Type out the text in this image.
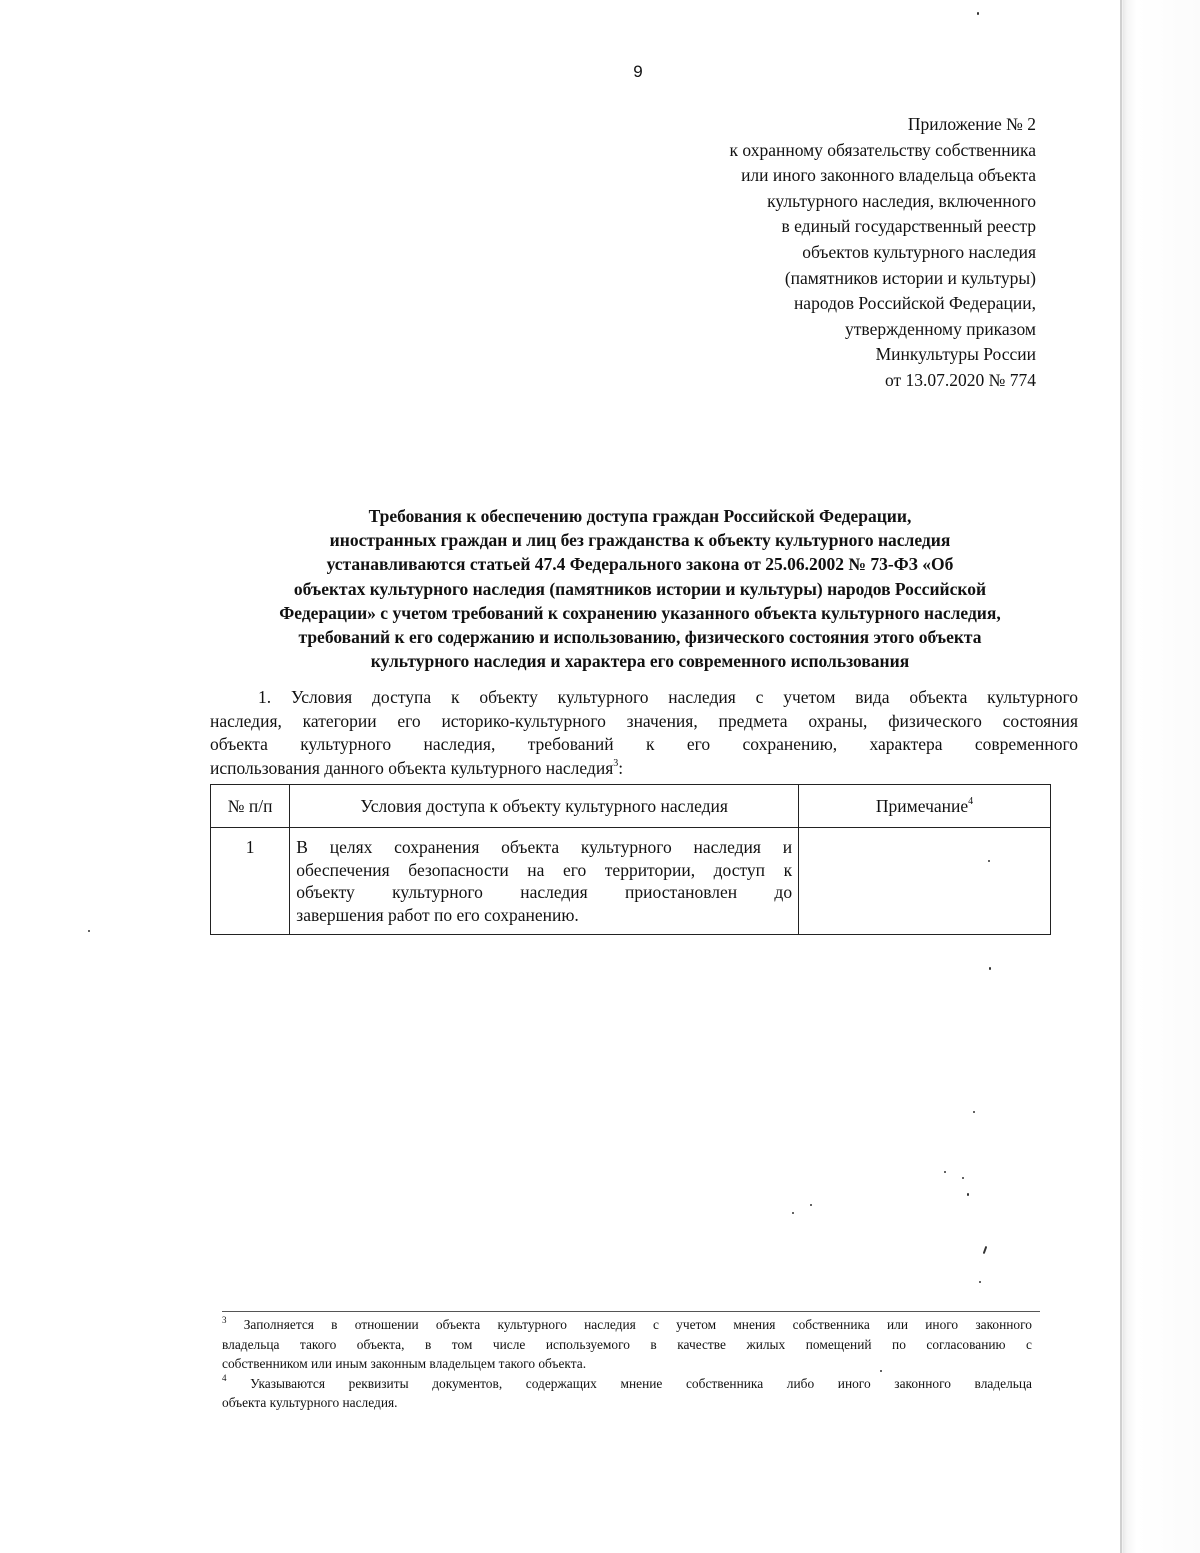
9
Приложение № 2
к охранному обязательству собственника
или иного законного владельца объекта
культурного наследия, включенного
в единый государственный реестр
объектов культурного наследия
(памятников истории и культуры)
народов Российской Федерации,
утвержденному приказом
Минкультуры России
от 13.07.2020 № 774
Требования к обеспечению доступа граждан Российской Федерации,
иностранных граждан и лиц без гражданства к объекту культурного наследия
устанавливаются статьей 47.4 Федерального закона от 25.06.2002 № 73-ФЗ «Об
объектах культурного наследия (памятников истории и культуры) народов Российской
Федерации» с учетом требований к сохранению указанного объекта культурного наследия,
требований к его содержанию и использованию, физического состояния этого объекта
культурного наследия и характера его современного использования
1. Условия доступа к объекту культурного наследия с учетом вида объекта культурного
наследия, категории его историко-культурного значения, предмета охраны, физического состояния
объекта культурного наследия, требований к его сохранению, характера современного
использования данного объекта культурного наследия$^3$:
№ п/п	Условия доступа к объекту культурного наследия	Примечание$^4$
1	В целях сохранения объекта культурного наследия и
обеспечения безопасности на его территории, доступ к
объекту культурного наследия приостановлен до
завершения работ по его сохранению.	

$^3$ Заполняется в отношении объекта культурного наследия с учетом мнения собственника или иного законного
владельца такого объекта, в том числе используемого в качестве жилых помещений по согласованию с
собственником или иным законным владельцем такого объекта.
$^4$ Указываются реквизиты документов, содержащих мнение собственника либо иного законного владельца
объекта культурного наследия.
